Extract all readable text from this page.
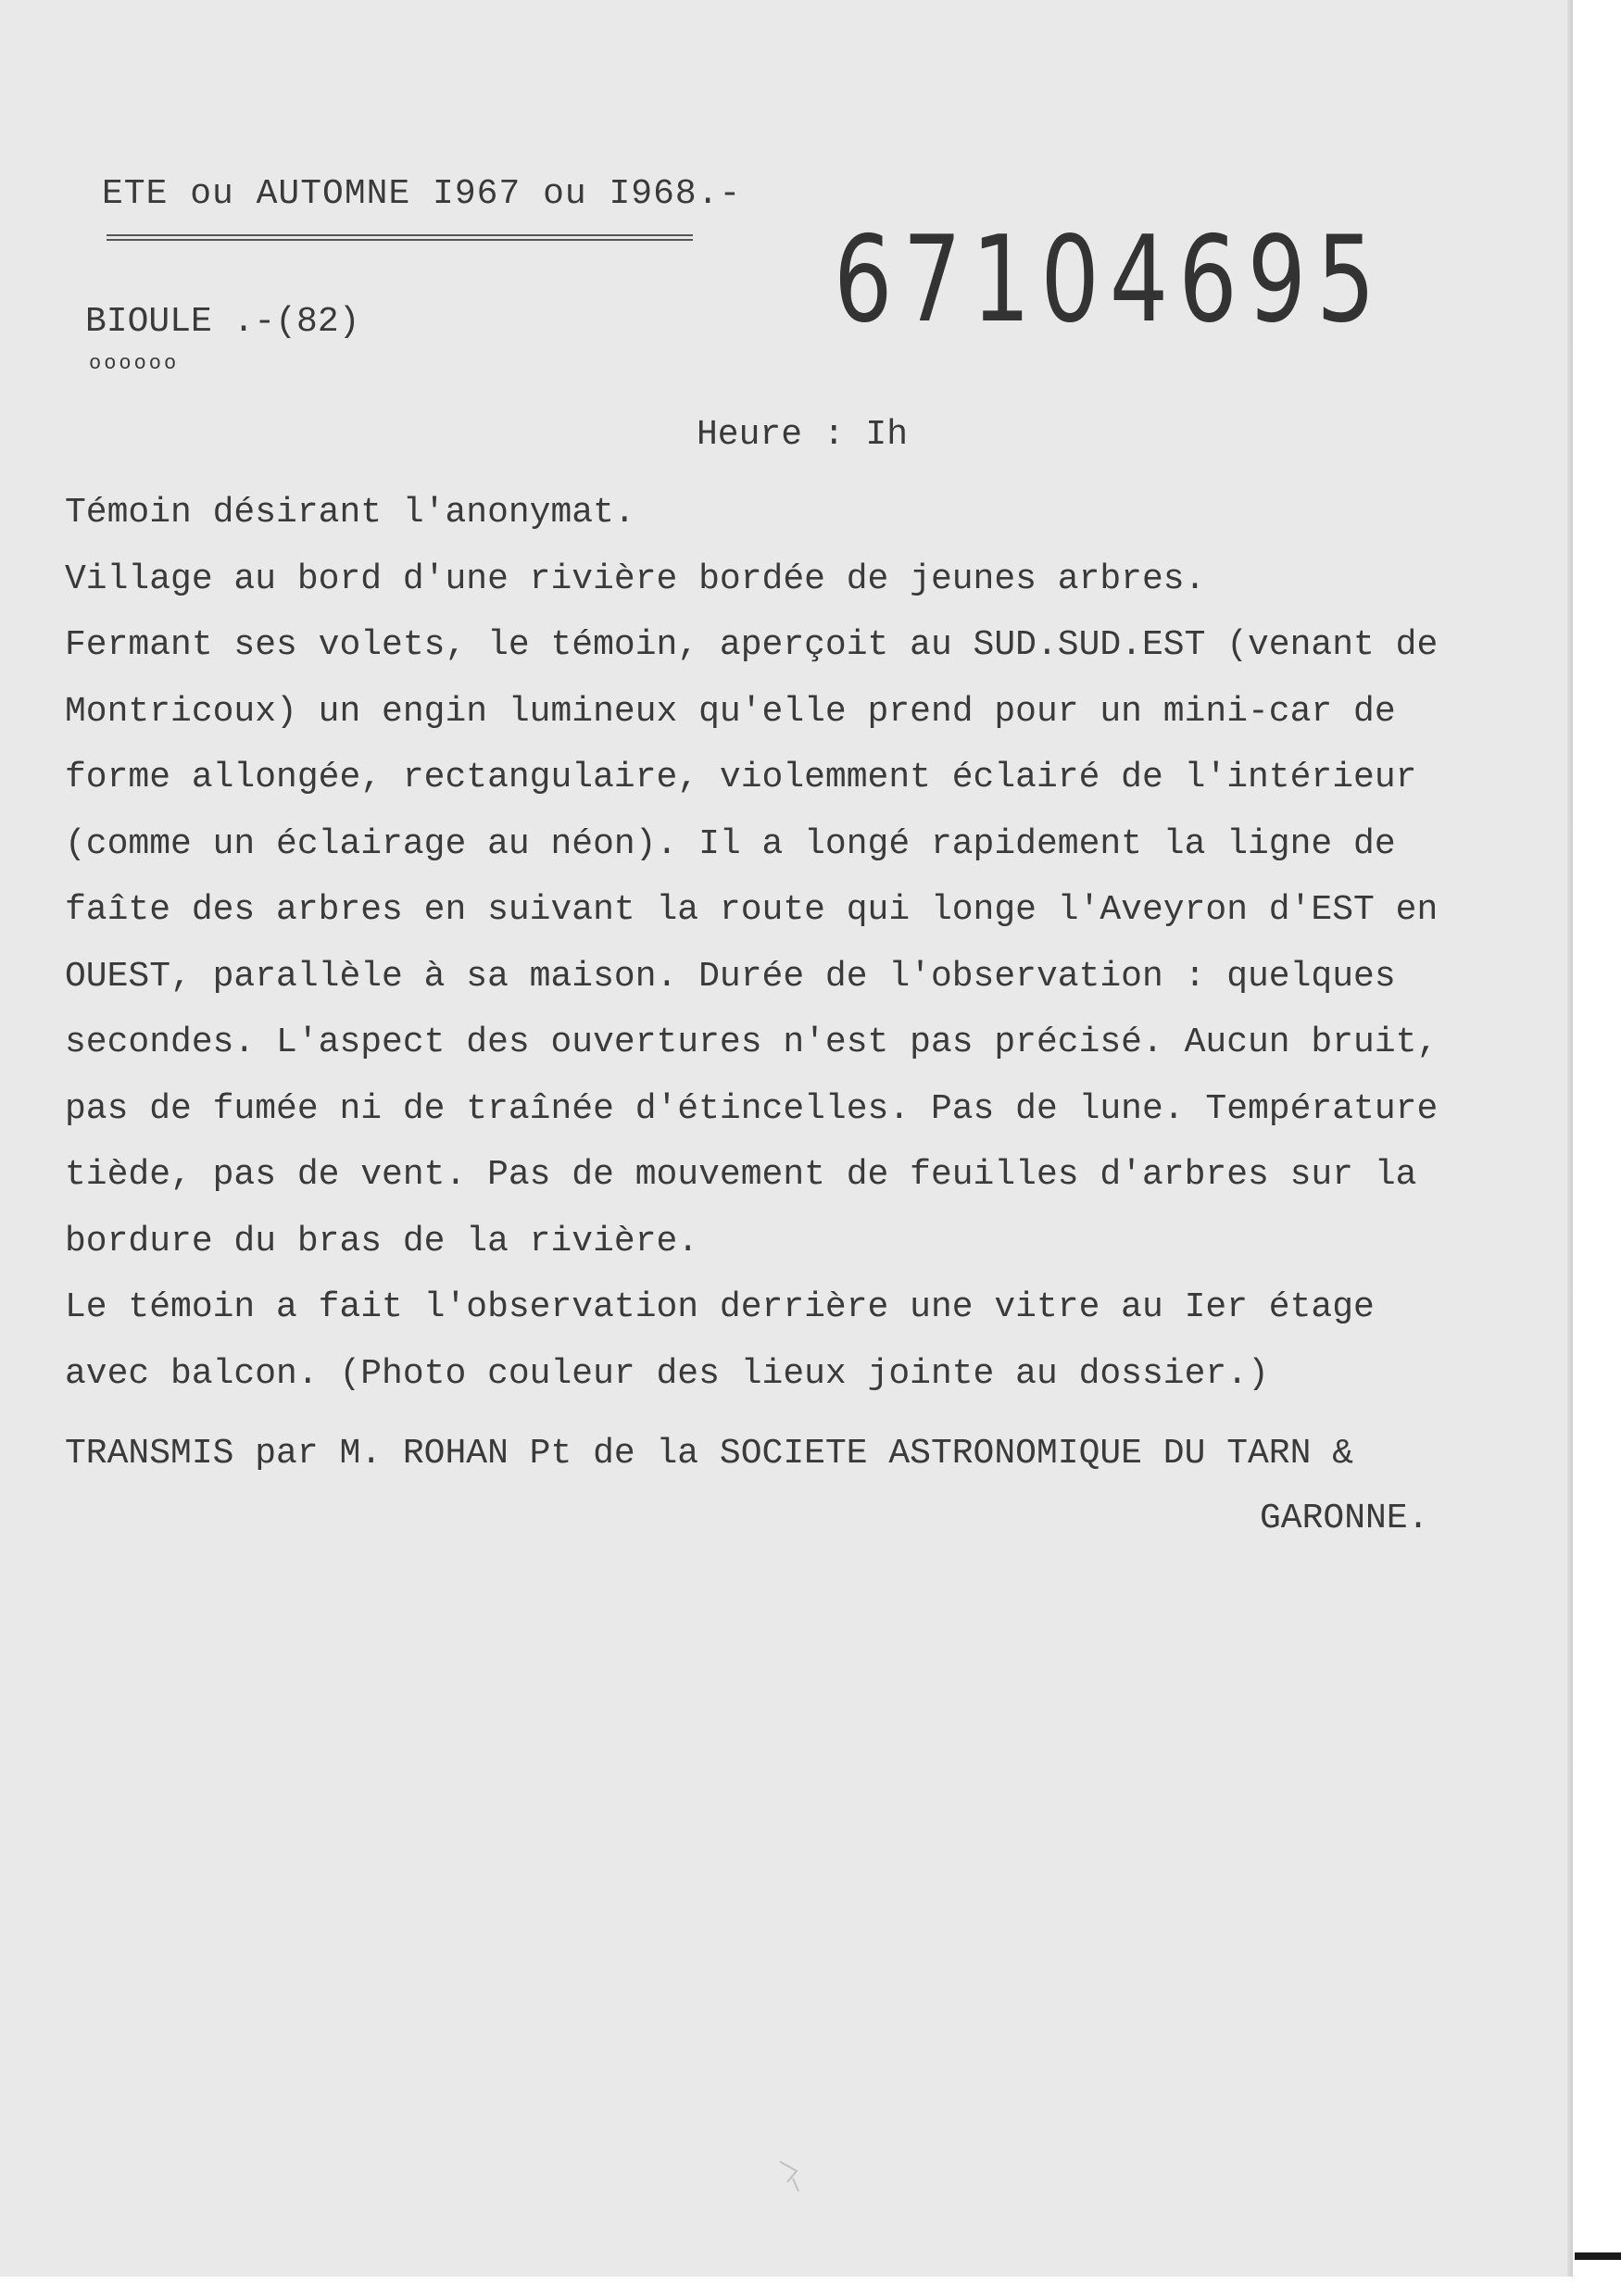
ETE ou AUTOMNE I967 ou I968.-
67104695
BIOULE .-(82)
oooooo
Heure : Ih
Témoin désirant l'anonymat.
Village au bord d'une rivière bordée de jeunes arbres.
Fermant ses volets, le témoin, aperçoit au SUD.SUD.EST (venant de
Montricoux) un engin lumineux qu'elle prend pour un mini-car de
forme allongée, rectangulaire, violemment éclairé de l'intérieur
(comme un éclairage au néon). Il a longé rapidement la ligne de
faîte des arbres en suivant la route qui longe l'Aveyron d'EST en
OUEST, parallèle à sa maison. Durée de l'observation : quelques
secondes. L'aspect des ouvertures n'est pas précisé. Aucun bruit,
pas de fumée ni de traînée d'étincelles. Pas de lune. Température
tiède, pas de vent. Pas de mouvement de feuilles d'arbres sur la
bordure du bras de la rivière.
Le témoin a fait l'observation derrière une vitre au Ier étage
avec balcon. (Photo couleur des lieux jointe au dossier.)
TRANSMIS par M. ROHAN Pt de la SOCIETE ASTRONOMIQUE DU TARN &
GARONNE.
